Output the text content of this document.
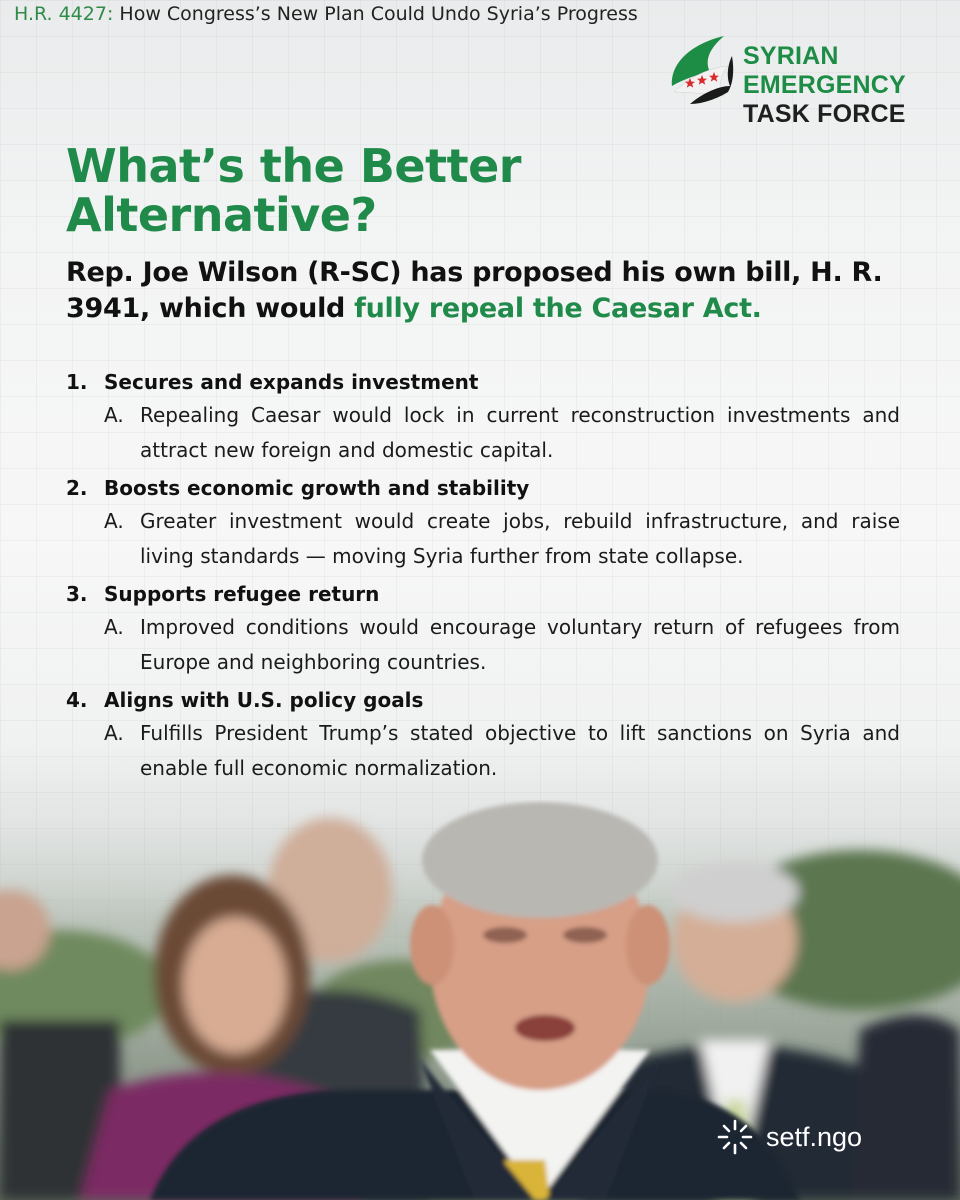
H.R. 4427: How Congress’s New Plan Could Undo Syria’s Progress
SYRIAN EMERGENCY
TASK FORCE
What’s the Better Alternative?

Rep. Joe Wilson (R-SC) has proposed his own bill, H. R. 3941, which would fully repeal the Caesar Act.

1. Secures and expands investment
A. Repealing Caesar would lock in current reconstruction investments and attract new foreign and domestic capital.
2. Boosts economic growth and stability
A. Greater investment would create jobs, rebuild infrastructure, and raise living standards — moving Syria further from state collapse.
3. Supports refugee return
A. Improved conditions would encourage voluntary return of refugees from Europe and neighboring countries.
4. Aligns with U.S. policy goals
A. Fulfills President Trump’s stated objective to lift sanctions on Syria and enable full economic normalization.
setf.ngo
